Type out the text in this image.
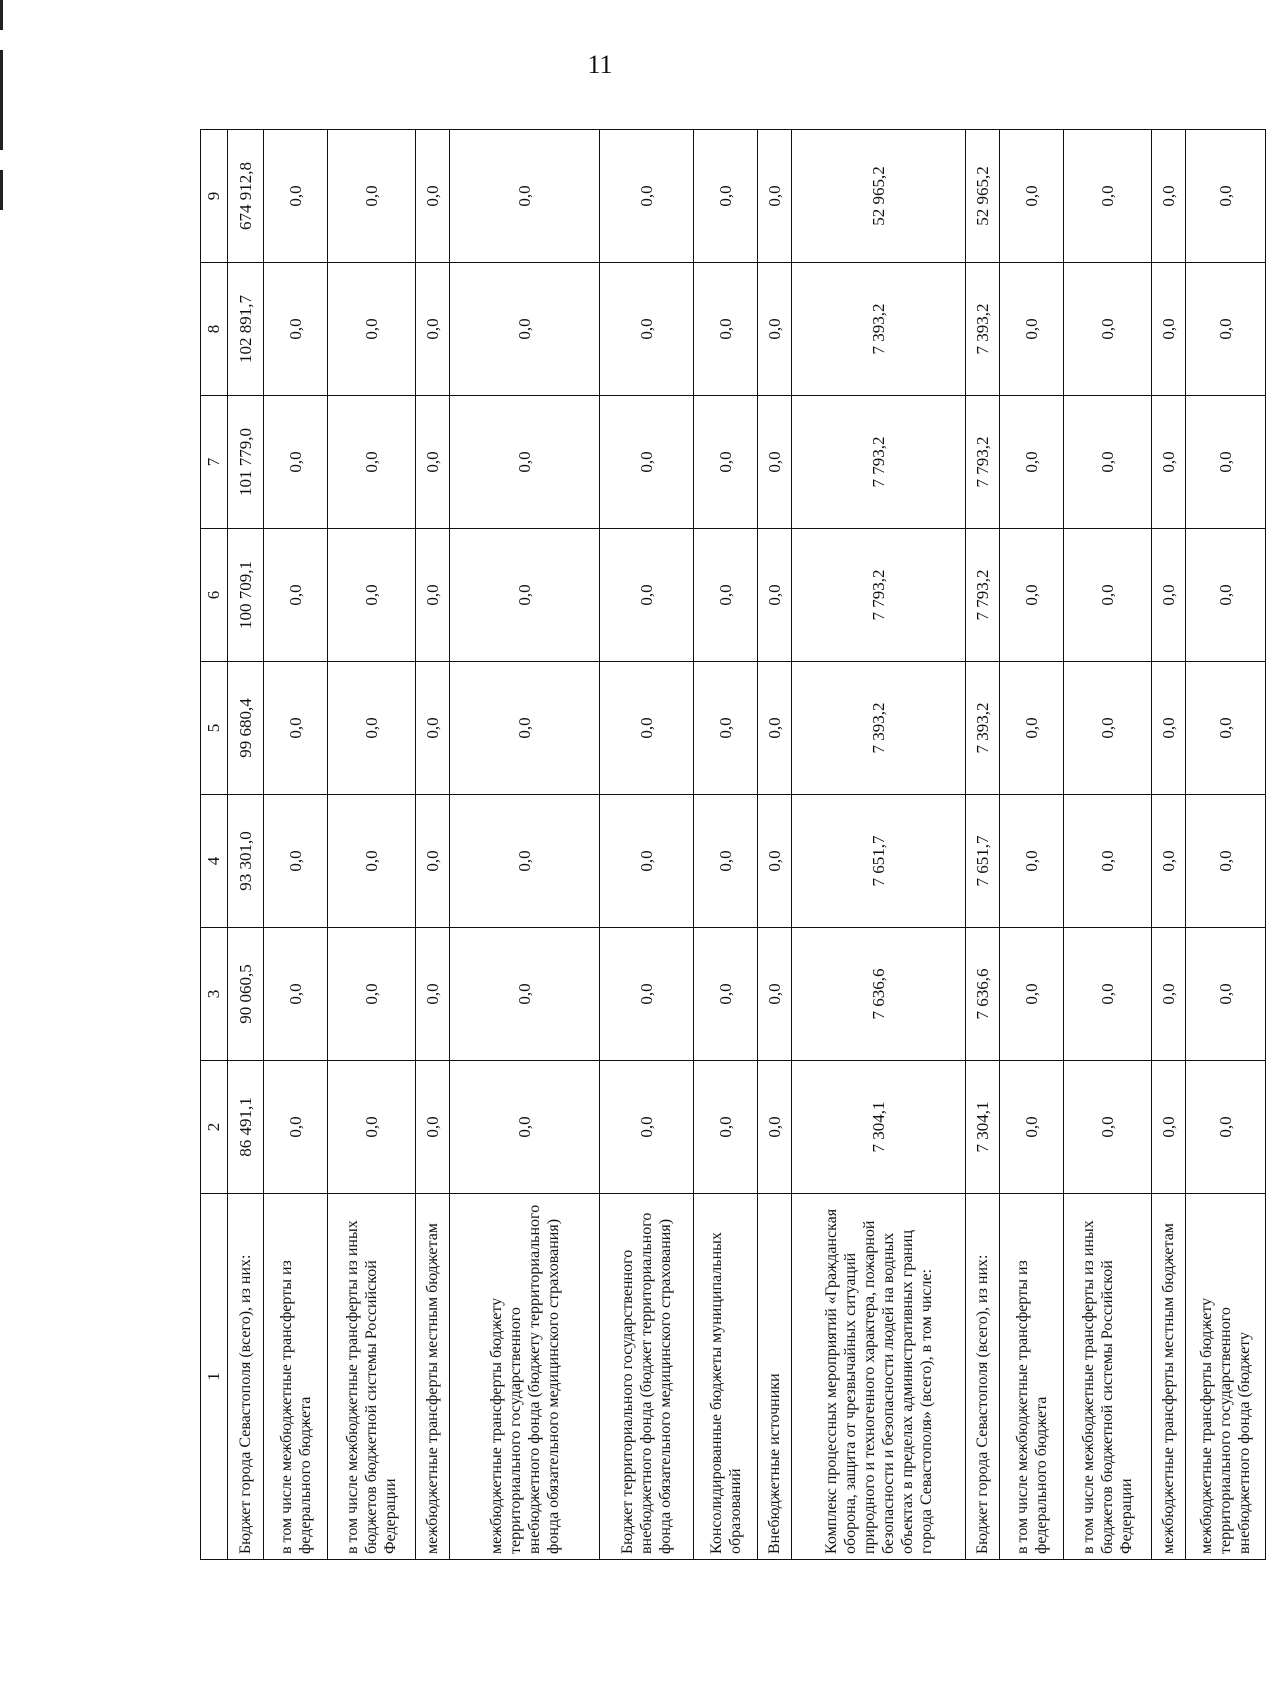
11
1	2	3	4	5	6	7	8	9
Бюджет города Севастополя (всего), из них:	86 491,1	90 060,5	93 301,0	99 680,4	100 709,1	101 779,0	102 891,7	674 912,8
в том числе межбюджетные трансферты из федерального бюджета	0,0	0,0	0,0	0,0	0,0	0,0	0,0	0,0
в том числе межбюджетные трансферты из иных бюджетов бюджетной системы Российской Федерации	0,0	0,0	0,0	0,0	0,0	0,0	0,0	0,0
межбюджетные трансферты местным бюджетам	0,0	0,0	0,0	0,0	0,0	0,0	0,0	0,0
межбюджетные трансферты бюджету территориального государственного внебюджетного фонда (бюджету территориального фонда обязательного медицинского страхования)	0,0	0,0	0,0	0,0	0,0	0,0	0,0	0,0
Бюджет территориального государственного внебюджетного фонда (бюджет территориального фонда обязательного медицинского страхования)	0,0	0,0	0,0	0,0	0,0	0,0	0,0	0,0
Консолидированные бюджеты муниципальных образований	0,0	0,0	0,0	0,0	0,0	0,0	0,0	0,0
Внебюджетные источники	0,0	0,0	0,0	0,0	0,0	0,0	0,0	0,0
Комплекс процессных мероприятий «Гражданская оборона, защита от чрезвычайных ситуаций природного и техногенного характера, пожарной безопасности и безопасности людей на водных объектах в пределах административных границ города Севастополя» (всего), в том числе:	7 304,1	7 636,6	7 651,7	7 393,2	7 793,2	7 793,2	7 393,2	52 965,2
Бюджет города Севастополя (всего), из них:	7 304,1	7 636,6	7 651,7	7 393,2	7 793,2	7 793,2	7 393,2	52 965,2
в том числе межбюджетные трансферты из федерального бюджета	0,0	0,0	0,0	0,0	0,0	0,0	0,0	0,0
в том числе межбюджетные трансферты из иных бюджетов бюджетной системы Российской Федерации	0,0	0,0	0,0	0,0	0,0	0,0	0,0	0,0
межбюджетные трансферты местным бюджетам	0,0	0,0	0,0	0,0	0,0	0,0	0,0	0,0
межбюджетные трансферты бюджету территориального государственного внебюджетного фонда (бюджету	0,0	0,0	0,0	0,0	0,0	0,0	0,0	0,0
